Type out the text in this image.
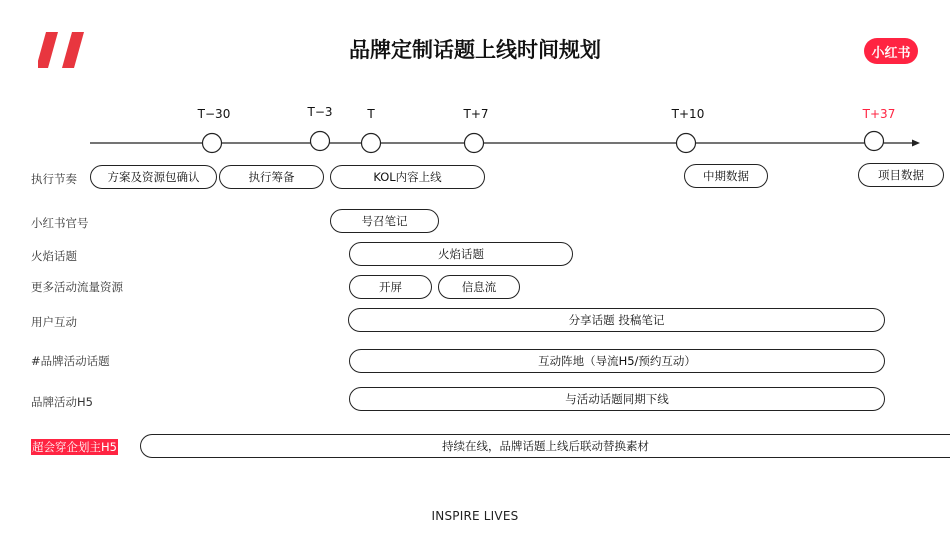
品牌定制话题上线时间规划	小红书
T−30	T−3	T	T+7	T+10	T+37
执行节奏	方案及资源包确认	执行筹备	KOL内容上线	中期数据	项目数据
小红书官号	号召笔记
火焰话题	火焰话题
更多活动流量资源	开屏	信息流
用户互动	分享话题 投稿笔记
#品牌活动话题	互动阵地（导流H5/预约互动）
品牌活动H5	与活动话题同期下线
超会穿企划主H5	持续在线，品牌话题上线后联动替换素材
INSPIRE LIVES
